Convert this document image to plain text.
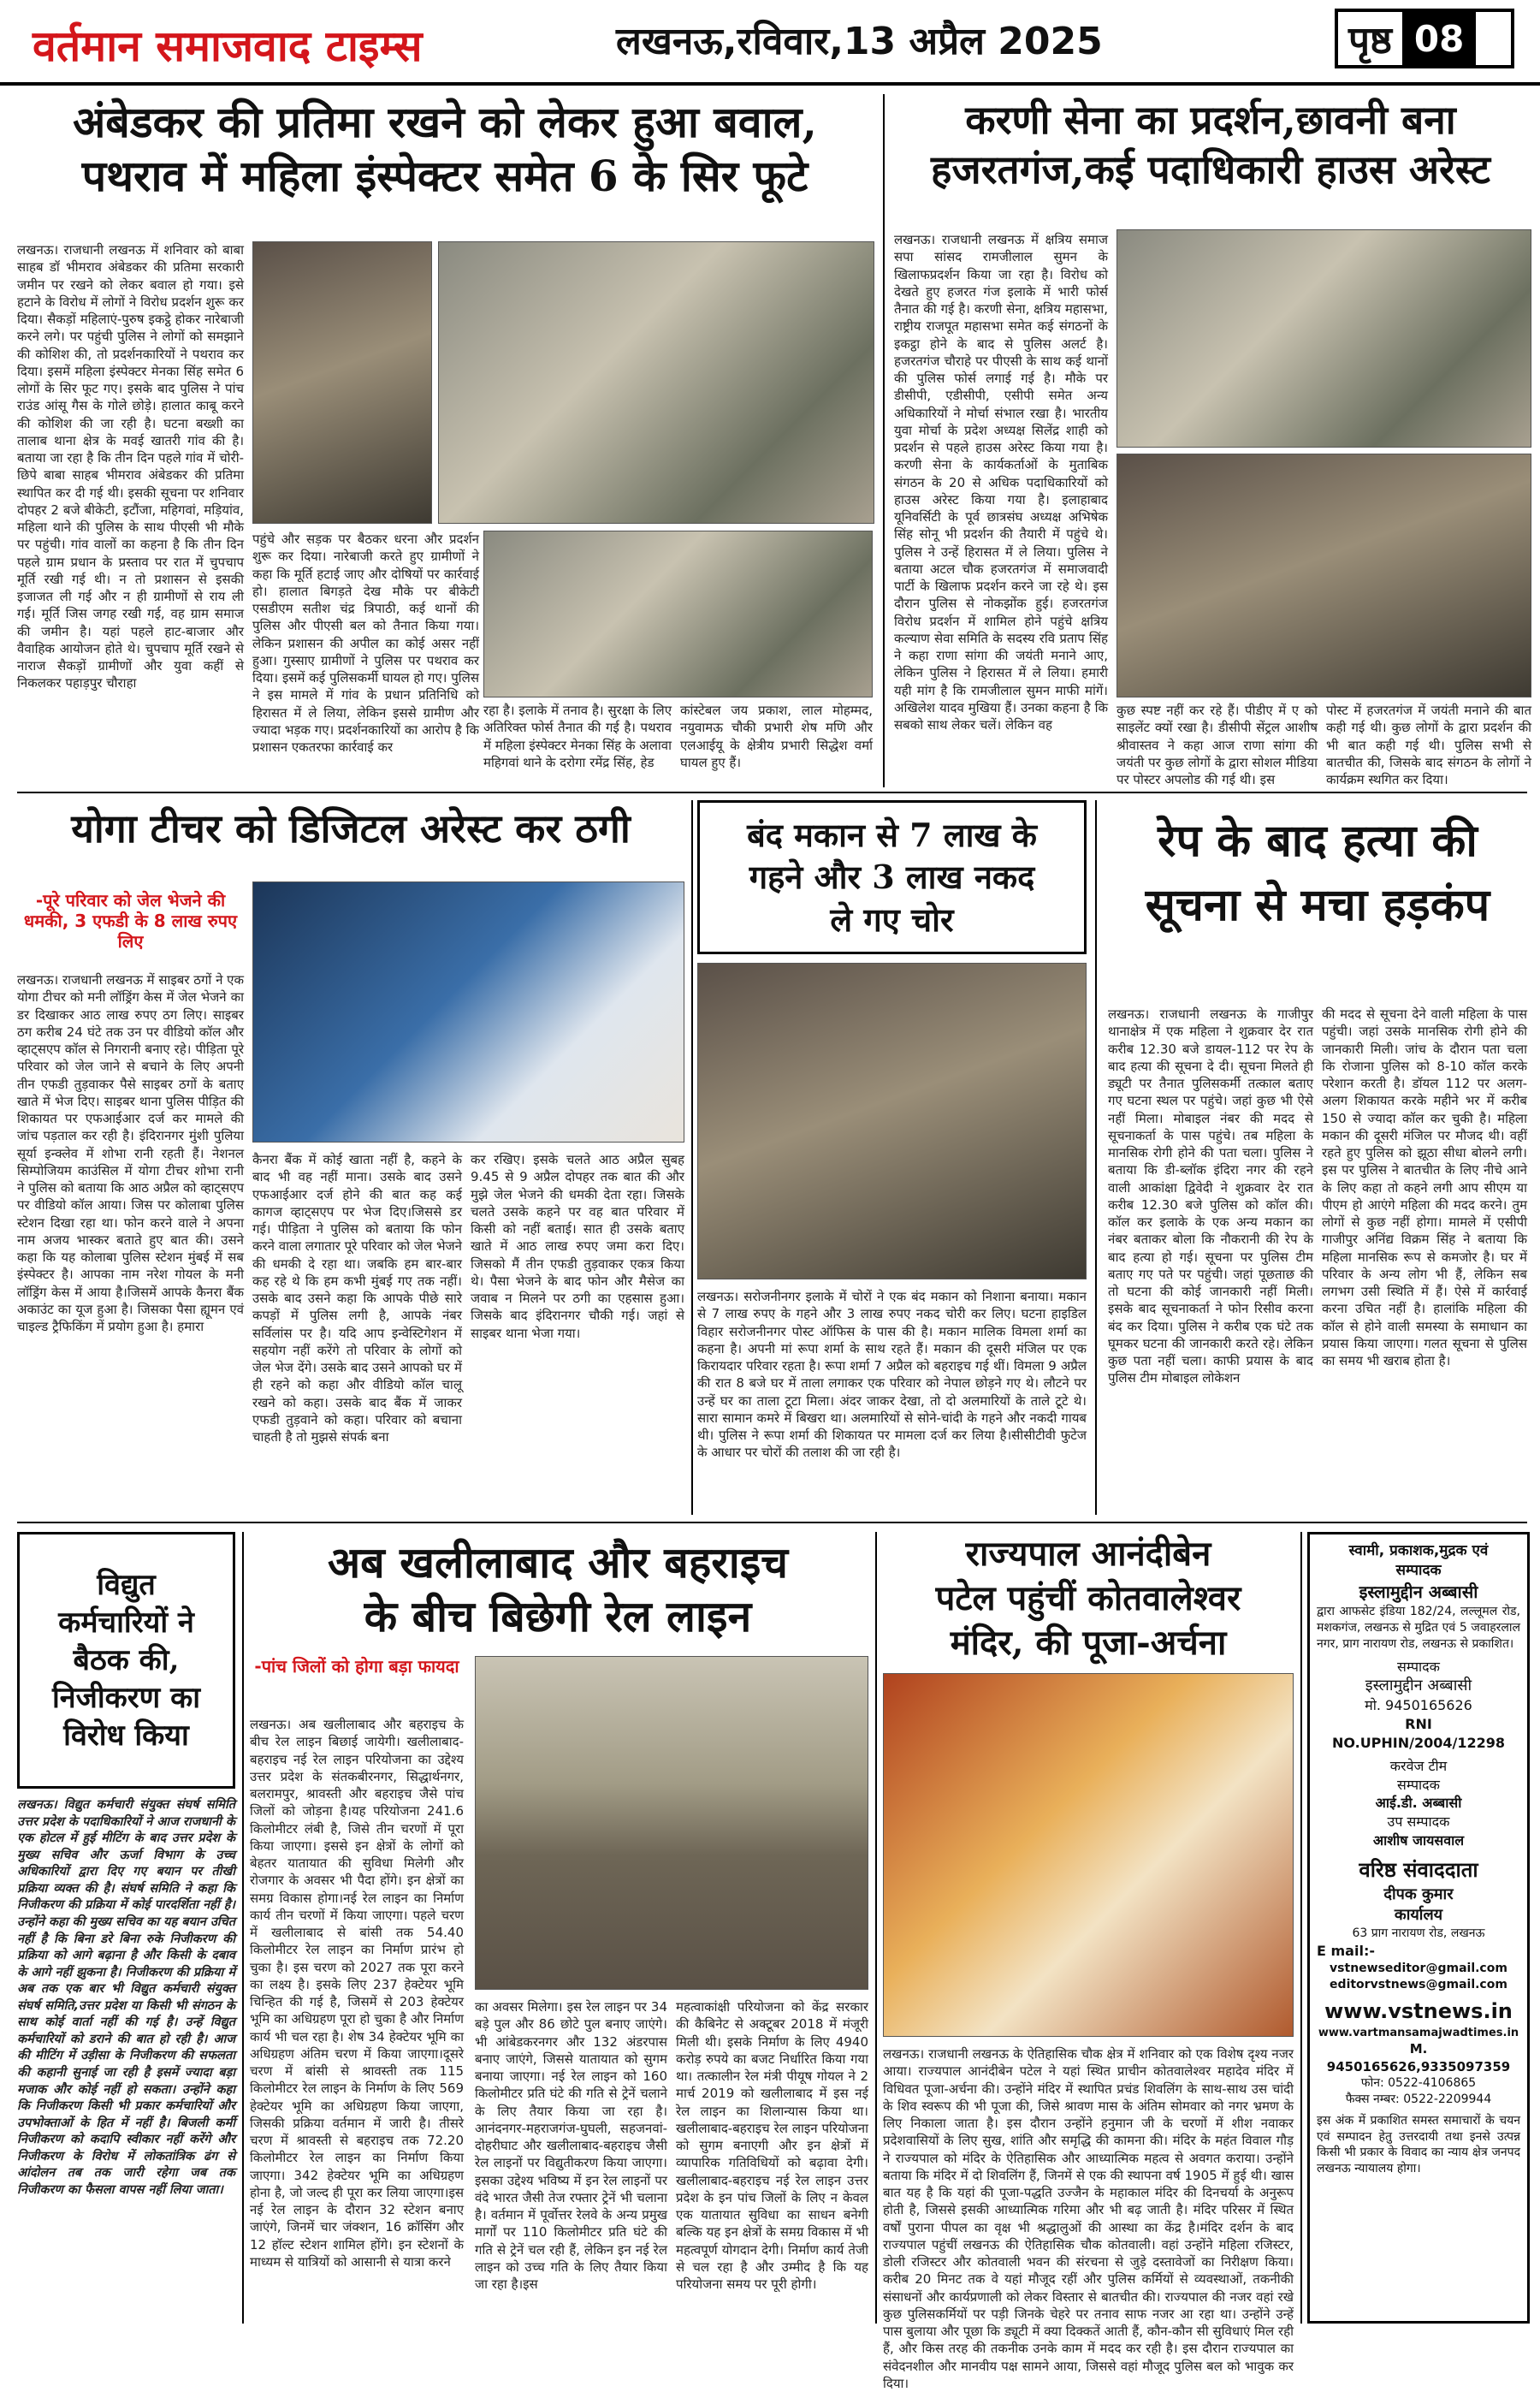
वर्तमान समाजवाद टाइम्स	लखनऊ,रविवार,13 अप्रैल 2025	पृष्ठ 08
अंबेडकर की प्रतिमा रखने को लेकर हुआ बवाल,
पथराव में महिला इंस्पेक्टर समेत 6 के सिर फूटे
लखनऊ। राजधानी लखनऊ में शनिवार को बाबा साहब डॉ भीमराव अंबेडकर की प्रतिमा सरकारी जमीन पर रखने को लेकर बवाल हो गया। इसे हटाने के विरोध में लोगों ने विरोध प्रदर्शन शुरू कर दिया। सैकड़ों महिलाएं-पुरुष इकट्ठे होकर नारेबाजी करने लगे। पर पहुंची पुलिस ने लोगों को समझाने की कोशिश की, तो प्रदर्शनकारियों ने पथराव कर दिया। इसमें महिला इंस्पेक्टर मेनका सिंह समेत 6 लोगों के सिर फूट गए। इसके बाद पुलिस ने पांच राउंड आंसू गैस के गोले छोड़े। हालात काबू करने की कोशिश की जा रही है। घटना बख्शी का तालाब थाना क्षेत्र के मवई खातरी गांव की है। बताया जा रहा है कि तीन दिन पहले गांव में चोरी-छिपे बाबा साहब भीमराव अंबेडकर की प्रतिमा स्थापित कर दी गई थी। इसकी सूचना पर शनिवार दोपहर 2 बजे बीकेटी, इटौंजा, महिगवां, मड़ियांव, महिला थाने की पुलिस के साथ पीएसी भी मौके पर पहुंची। गांव वालों का कहना है कि तीन दिन पहले ग्राम प्रधान के प्रस्ताव पर रात में चुपचाप मूर्ति रखी गई थी। न तो प्रशासन से इसकी इजाजत ली गई और न ही ग्रामीणों से राय ली गई। मूर्ति जिस जगह रखी गई, वह ग्राम समाज की जमीन है। यहां पहले हाट-बाजार और वैवाहिक आयोजन होते थे। चुपचाप मूर्ति रखने से नाराज सैकड़ों ग्रामीणों और युवा कहीं से निकलकर पहाड़पुर चौराहा
पहुंचे और सड़क पर बैठकर धरना और प्रदर्शन शुरू कर दिया। नारेबाजी करते हुए ग्रामीणों ने कहा कि मूर्ति हटाई जाए और दोषियों पर कार्रवाई हो। हालात बिगड़ते देख मौके पर बीकेटी एसडीएम सतीश चंद्र त्रिपाठी, कई थानों की पुलिस और पीएसी बल को तैनात किया गया। लेकिन प्रशासन की अपील का कोई असर नहीं हुआ। गुस्साए ग्रामीणों ने पुलिस पर पथराव कर दिया। इसमें कई पुलिसकर्मी घायल हो गए। पुलिस ने इस मामले में गांव के प्रधान प्रतिनिधि को हिरासत में ले लिया, लेकिन इससे ग्रामीण और ज्यादा भड़क गए। प्रदर्शनकारियों का आरोप है कि प्रशासन एकतरफा कार्रवाई कर
रहा है। इलाके में तनाव है। सुरक्षा के लिए अतिरिक्त फोर्स तैनात की गई है। पथराव में महिला इंस्पेक्टर मेनका सिंह के अलावा महिगवां थाने के दरोगा रमेंद्र सिंह, हेड
कांस्टेबल जय प्रकाश, लाल मोहम्मद, नयुवामऊ चौकी प्रभारी शेष मणि और एलआईयू के क्षेत्रीय प्रभारी सिद्धेश वर्मा घायल हुए हैं।
करणी सेना का प्रदर्शन,छावनी बना
हजरतगंज,कई पदाधिकारी हाउस अरेस्ट
लखनऊ। राजधानी लखनऊ में क्षत्रिय समाज सपा सांसद रामजीलाल सुमन के खिलाफप्रदर्शन किया जा रहा है। विरोध को देखते हुए हजरत गंज इलाके में भारी फोर्स तैनात की गई है। करणी सेना, क्षत्रिय महासभा, राष्ट्रीय राजपूत महासभा समेत कई संगठनों के इकट्ठा होने के बाद से पुलिस अलर्ट है। हजरतगंज चौराहे पर पीएसी के साथ कई थानों की पुलिस फोर्स लगाई गई है। मौके पर डीसीपी, एडीसीपी, एसीपी समेत अन्य अधिकारियों ने मोर्चा संभाल रखा है। भारतीय युवा मोर्चा के प्रदेश अध्यक्ष सिलेंद्र शाही को प्रदर्शन से पहले हाउस अरेस्ट किया गया है। करणी सेना के कार्यकर्ताओं के मुताबिक संगठन के 20 से अधिक पदाधिकारियों को हाउस अरेस्ट किया गया है। इलाहाबाद यूनिवर्सिटी के पूर्व छात्रसंघ अध्यक्ष अभिषेक सिंह सोनू भी प्रदर्शन की तैयारी में पहुंचे थे। पुलिस ने उन्हें हिरासत में ले लिया। पुलिस ने बताया अटल चौक हजरतगंज में समाजवादी पार्टी के खिलाफ प्रदर्शन करने जा रहे थे। इस दौरान पुलिस से नोकझोंक हुई। हजरतगंज विरोध प्रदर्शन में शामिल होने पहुंचे क्षत्रिय कल्याण सेवा समिति के सदस्य रवि प्रताप सिंह ने कहा राणा सांगा की जयंती मनाने आए, लेकिन पुलिस ने हिरासत में ले लिया। हमारी यही मांग है कि रामजीलाल सुमन माफी मांगें। अखिलेश यादव मुखिया हैं। उनका कहना है कि सबको साथ लेकर चलें। लेकिन वह
कुछ स्पष्ट नहीं कर रहे हैं। पीडीए में ए को साइलेंट क्यों रखा है। डीसीपी सेंट्रल आशीष श्रीवास्तव ने कहा आज राणा सांगा की जयंती पर कुछ लोगों के द्वारा सोशल मीडिया पर पोस्टर अपलोड की गई थी। इस
पोस्ट में हजरतगंज में जयंती मनाने की बात कही गई थी। कुछ लोगों के द्वारा प्रदर्शन की भी बात कही गई थी। पुलिस सभी से बातचीत की, जिसके बाद संगठन के लोगों ने कार्यक्रम स्थगित कर दिया।
योगा टीचर को डिजिटल अरेस्ट कर ठगी
-पूरे परिवार को जेल भेजने की धमकी, 3 एफडी के 8 लाख रुपए लिए
लखनऊ। राजधानी लखनऊ में साइबर ठगों ने एक योगा टीचर को मनी लॉड्रिंग केस में जेल भेजने का डर दिखाकर आठ लाख रुपए ठग लिए। साइबर ठग करीब 24 घंटे तक उन पर वीडियो कॉल और व्हाट्सएप कॉल से निगरानी बनाए रहे। पीड़िता पूरे परिवार को जेल जाने से बचाने के लिए अपनी तीन एफडी तुड़वाकर पैसे साइबर ठगों के बताए खाते में भेज दिए। साइबर थाना पुलिस पीड़ित की शिकायत पर एफआईआर दर्ज कर मामले की जांच पड़ताल कर रही है। इंदिरानगर मुंशी पुलिया सूर्या इन्क्लेव में शोभा रानी रहती हैं। नेशनल सिम्पोजियम काउंसिल में योगा टीचर शोभा रानी ने पुलिस को बताया कि आठ अप्रैल को व्हाट्सएप पर वीडियो कॉल आया। जिस पर कोलाबा पुलिस स्टेशन दिखा रहा था। फोन करने वाले ने अपना नाम अजय भास्कर बताते हुए बात की। उसने कहा कि यह कोलाबा पुलिस स्टेशन मुंबई में सब इंस्पेक्टर है। आपका नाम नरेश गोयल के मनी लॉड्रिंग केस में आया है।जिसमें आपके कैनरा बैंक अकाउंट का यूज हुआ है। जिसका पैसा ह्यूमन एवं चाइल्ड ट्रैफिकिंग में प्रयोग हुआ है। हमारा
कैनरा बैंक में कोई खाता नहीं है, कहने के बाद भी वह नहीं माना। उसके बाद उसने एफआईआर दर्ज होने की बात कह कई कागज व्हाट्सएप पर भेज दिए।जिससे डर गई। पीड़िता ने पुलिस को बताया कि फोन करने वाला लगातार पूरे परिवार को जेल भेजने की धमकी दे रहा था। जबकि हम बार-बार कह रहे थे कि हम कभी मुंबई गए तक नहीं। उसके बाद उसने कहा कि आपके पीछे सारे कपड़ों में पुलिस लगी है, आपके नंबर सर्विलांस पर है। यदि आप इन्वेस्टिगेशन में सहयोग नहीं करेंगे तो परिवार के लोगों को जेल भेज देंगे। उसके बाद उसने आपको घर में ही रहने को कहा और वीडियो कॉल चालू रखने को कहा। उसके बाद बैंक में जाकर एफडी तुड़वाने को कहा। परिवार को बचाना चाहती है तो मुझसे संपर्क बना
कर रखिए। इसके चलते आठ अप्रैल सुबह 9.45 से 9 अप्रैल दोपहर तक बात की और मुझे जेल भेजने की धमकी देता रहा। जिसके चलते उसके कहने पर वह बात परिवार में किसी को नहीं बताई। सात ही उसके बताए खाते में आठ लाख रुपए जमा करा दिए। जिसको मैं तीन एफडी तुड़वाकर एकत्र किया थे। पैसा भेजने के बाद फोन और मैसेज का जवाब न मिलने पर ठगी का एहसास हुआ। जिसके बाद इंदिरानगर चौकी गई। जहां से साइबर थाना भेजा गया।
बंद मकान से 7 लाख के
गहने और 3 लाख नकद
ले गए चोर
लखनऊ। सरोजनीनगर इलाके में चोरों ने एक बंद मकान को निशाना बनाया। मकान से 7 लाख रुपए के गहने और 3 लाख रुपए नकद चोरी कर लिए। घटना हाइडिल विहार सरोजनीनगर पोस्ट ऑफिस के पास की है। मकान मालिक विमला शर्मा का कहना है। अपनी मां रूपा शर्मा के साथ रहते हैं। मकान की दूसरी मंजिल पर एक किरायदार परिवार रहता है। रूपा शर्मा 7 अप्रैल को बहराइच गई थीं। विमला 9 अप्रैल की रात 8 बजे घर में ताला लगाकर एक परिवार को नेपाल छोड़ने गए थे। लौटने पर उन्हें घर का ताला टूटा मिला। अंदर जाकर देखा, तो दो अलमारियों के ताले टूटे थे। सारा सामान कमरे में बिखरा था। अलमारियों से सोने-चांदी के गहने और नकदी गायब थी। पुलिस ने रूपा शर्मा की शिकायत पर मामला दर्ज कर लिया है।सीसीटीवी फुटेज के आधार पर चोरों की तलाश की जा रही है।
रेप के बाद हत्या की
सूचना से मचा हड़कंप
लखनऊ। राजधानी लखनऊ के गाजीपुर थानाक्षेत्र में एक महिला ने शुक्रवार देर रात करीब 12.30 बजे डायल-112 पर रेप के बाद हत्या की सूचना दे दी। सूचना मिलते ही ड्यूटी पर तैनात पुलिसकर्मी तत्काल बताए गए घटना स्थल पर पहुंचे। जहां कुछ भी ऐसे नहीं मिला। मोबाइल नंबर की मदद से सूचनाकर्ता के पास पहुंचे। तब महिला के मानसिक रोगी होने की पता चला। पुलिस ने बताया कि डी-ब्लॉक इंदिरा नगर की रहने वाली आकांक्षा द्विवेदी ने शुक्रवार देर रात करीब 12.30 बजे पुलिस को कॉल की। कॉल कर इलाके के एक अन्य मकान का नंबर बताकर बोला कि नौकरानी की रेप के बाद हत्या हो गई। सूचना पर पुलिस टीम बताए गए पते पर पहुंची। जहां पूछताछ की तो घटना की कोई जानकारी नहीं मिली। इसके बाद सूचनाकर्ता ने फोन रिसीव करना बंद कर दिया। पुलिस ने करीब एक घंटे तक घूमकर घटना की जानकारी करते रहे। लेकिन कुछ पता नहीं चला। काफी प्रयास के बाद पुलिस टीम मोबाइल लोकेशन
की मदद से सूचना देने वाली महिला के पास पहुंची। जहां उसके मानसिक रोगी होने की जानकारी मिली। जांच के दौरान पता चला कि रोजाना पुलिस को 8-10 कॉल करके परेशान करती है। डॉयल 112 पर अलग-अलग शिकायत करके महीने भर में करीब 150 से ज्यादा कॉल कर चुकी है। महिला मकान की दूसरी मंजिल पर मौजद थी। वहीं रहते हुए पुलिस को झूठा सीधा बोलने लगी। इस पर पुलिस ने बातचीत के लिए नीचे आने के लिए कहा तो कहने लगी आप सीएम या पीएम हो आएंगे महिला की मदद करने। तुम लोगों से कुछ नहीं होगा। मामले में एसीपी गाजीपुर अनिंद्य विक्रम सिंह ने बताया कि महिला मानसिक रूप से कमजोर है। घर में परिवार के अन्य लोग भी हैं, लेकिन सब लगभग उसी स्थिति में हैं। ऐसे में कार्रवाई करना उचित नहीं है। हालांकि महिला की कॉल से होने वाली समस्या के समाधान का प्रयास किया जाएगा। गलत सूचना से पुलिस का समय भी खराब होता है।
विद्युत
कर्मचारियों ने
बैठक की,
निजीकरण का
विरोध किया
लखनऊ। विद्युत कर्मचारी संयुक्त संघर्ष समिति उत्तर प्रदेश के पदाधिकारियों ने आज राजधानी के एक होटल में हुई मीटिंग के बाद उत्तर प्रदेश के मुख्य सचिव और ऊर्जा विभाग के उच्च अधिकारियों द्वारा दिए गए बयान पर तीखी प्रक्रिया व्यक्त की है। संघर्ष समिति ने कहा कि निजीकरण की प्रक्रिया में कोई पारदर्शिता नहीं है। उन्होंने कहा की मुख्य सचिव का यह बयान उचित नहीं है कि बिना डरे बिना रुके निजीकरण की प्रक्रिया को आगे बढ़ाना है और किसी के दबाव के आगे नहीं झुकना है। निजीकरण की प्रक्रिया में अब तक एक बार भी विद्युत कर्मचारी संयुक्त संघर्ष समिति,उत्तर प्रदेश या किसी भी संगठन के साथ कोई वार्ता नहीं की गई है। उन्हें विद्युत कर्मचारियों को डराने की बात हो रही है। आज की मीटिंग में उड़ीसा के निजीकरण की सफलता की कहानी सुनाई जा रही है इसमें ज्यादा बड़ा मजाक और कोई नहीं हो सकता। उन्होंने कहा कि निजीकरण किसी भी प्रकार कर्मचारियों और उपभोक्ताओं के हित में नहीं है। बिजली कर्मी निजीकरण को कदापि स्वीकार नहीं करेंगे और निजीकरण के विरोध में लोकतांत्रिक ढंग से आंदोलन तब तक जारी रहेगा जब तक निजीकरण का फैसला वापस नहीं लिया जाता।
अब खलीलाबाद और बहराइच
के बीच बिछेगी रेल लाइन
-पांच जिलों को होगा बड़ा फायदा
लखनऊ। अब खलीलाबाद और बहराइच के बीच रेल लाइन बिछाई जायेगी। खलीलाबाद-बहराइच नई रेल लाइन परियोजना का उद्देश्य उत्तर प्रदेश के संतकबीरनगर, सिद्धार्थनगर, बलरामपुर, श्रावस्ती और बहराइच जैसे पांच जिलों को जोड़ना है।यह परियोजना 241.6 किलोमीटर लंबी है, जिसे तीन चरणों में पूरा किया जाएगा। इससे इन क्षेत्रों के लोगों को बेहतर यातायात की सुविधा मिलेगी और रोजगार के अवसर भी पैदा होंगे। इन क्षेत्रों का समग्र विकास होगा।नई रेल लाइन का निर्माण कार्य तीन चरणों में किया जाएगा। पहले चरण में खलीलाबाद से बांसी तक 54.40 किलोमीटर रेल लाइन का निर्माण प्रारंभ हो चुका है। इस चरण को 2027 तक पूरा करने का लक्ष्य है। इसके लिए 237 हेक्टेयर भूमि चिन्हित की गई है, जिसमें से 203 हेक्टेयर भूमि का अधिग्रहण पूरा हो चुका है और निर्माण कार्य भी चल रहा है। शेष 34 हेक्टेयर भूमि का अधिग्रहण अंतिम चरण में किया जाएगा।दूसरे चरण में बांसी से श्रावस्ती तक 115 किलोमीटर रेल लाइन के निर्माण के लिए 569 हेक्टेयर भूमि का अधिग्रहण किया जाएगा, जिसकी प्रक्रिया वर्तमान में जारी है। तीसरे चरण में श्रावस्ती से बहराइच तक 72.20 किलोमीटर रेल लाइन का निर्माण किया जाएगा। 342 हेक्टेयर भूमि का अधिग्रहण होना है, जो जल्द ही पूरा कर लिया जाएगा।इस नई रेल लाइन के दौरान 32 स्टेशन बनाए जाएंगे, जिनमें चार जंक्शन, 16 क्रॉसिंग और 12 हॉल्ट स्टेशन शामिल होंगे। इन स्टेशनों के माध्यम से यात्रियों को आसानी से यात्रा करने
का अवसर मिलेगा। इस रेल लाइन पर 34 बड़े पुल और 86 छोटे पुल बनाए जाएंगे। भी आंबेडकरनगर और 132 अंडरपास बनाए जाएंगे, जिससे यातायात को सुगम बनाया जाएगा। नई रेल लाइन को 160 किलोमीटर प्रति घंटे की गति से ट्रेनें चलाने के लिए तैयार किया जा रहा है। आनंदनगर-महराजगंज-घुघली, सहजनवां-दोहरीघाट और खलीलाबाद-बहराइच जैसी रेल लाइनों पर विद्युतीकरण किया जाएगा। इसका उद्देश्य भविष्य में इन रेल लाइनों पर वंदे भारत जैसी तेज रफ्तार ट्रेनें भी चलाना है। वर्तमान में पूर्वोत्तर रेलवे के अन्य प्रमुख मार्गों पर 110 किलोमीटर प्रति घंटे की गति से ट्रेनें चल रही हैं, लेकिन इन नई रेल लाइन को उच्च गति के लिए तैयार किया जा रहा है।इस
महत्वाकांक्षी परियोजना को केंद्र सरकार की कैबिनेट से अक्टूबर 2018 में मंजूरी मिली थी। इसके निर्माण के लिए 4940 करोड़ रुपये का बजट निर्धारित किया गया था। तत्कालीन रेल मंत्री पीयूष गोयल ने 2 मार्च 2019 को खलीलाबाद में इस नई रेल लाइन का शिलान्यास किया था।खलीलाबाद-बहराइच रेल लाइन परियोजना को सुगम बनाएगी और इन क्षेत्रों में व्यापारिक गतिविधियों को बढ़ावा देगी। खलीलाबाद-बहराइच नई रेल लाइन उत्तर प्रदेश के इन पांच जिलों के लिए न केवल एक यातायात सुविधा का साधन बनेगी बल्कि यह इन क्षेत्रों के समग्र विकास में भी महत्वपूर्ण योगदान देगी। निर्माण कार्य तेजी से चल रहा है और उम्मीद है कि यह परियोजना समय पर पूरी होगी।
राज्यपाल आनंदीबेन
पटेल पहुंचीं कोतवालेश्वर
मंदिर, की पूजा-अर्चना
लखनऊ। राजधानी लखनऊ के ऐतिहासिक चौक क्षेत्र में शनिवार को एक विशेष दृश्य नजर आया। राज्यपाल आनंदीबेन पटेल ने यहां स्थित प्राचीन कोतवालेश्वर महादेव मंदिर में विधिवत पूजा-अर्चना की। उन्होंने मंदिर में स्थापित प्रचंड शिवलिंग के साथ-साथ उस चांदी के शिव स्वरूप की भी पूजा की, जिसे श्रावण मास के अंतिम सोमवार को नगर भ्रमण के लिए निकाला जाता है। इस दौरान उन्होंने हनुमान जी के चरणों में शीश नवाकर प्रदेशवासियों के लिए सुख, शांति और समृद्धि की कामना की। मंदिर के महंत विवाल गौड़ ने राज्यपाल को मंदिर के ऐतिहासिक और आध्यात्मिक महत्व से अवगत कराया। उन्होंने बताया कि मंदिर में दो शिवलिंग हैं, जिनमें से एक की स्थापना वर्ष 1905 में हुई थी। खास बात यह है कि यहां की पूजा-पद्धति उज्जैन के महाकाल मंदिर की दिनचर्या के अनुरूप होती है, जिससे इसकी आध्यात्मिक गरिमा और भी बढ़ जाती है। मंदिर परिसर में स्थित वर्षों पुराना पीपल का वृक्ष भी श्रद्धालुओं की आस्था का केंद्र है।मंदिर दर्शन के बाद राज्यपाल पहुंचीं लखनऊ की ऐतिहासिक चौक कोतवाली। वहां उन्होंने महिला रजिस्टर, डोली रजिस्टर और कोतवाली भवन की संरचना से जुड़े दस्तावेजों का निरीक्षण किया। करीब 20 मिनट तक वे यहां मौजूद रहीं और पुलिस कर्मियों से व्यवस्थाओं, तकनीकी संसाधनों और कार्यप्रणाली को लेकर विस्तार से बातचीत की। राज्यपाल की नजर वहां रखे कुछ पुलिसकर्मियों पर पड़ी जिनके चेहरे पर तनाव साफ नजर आ रहा था। उन्होंने उन्हें पास बुलाया और पूछा कि ड्यूटी में क्या दिक्कतें आती हैं, कौन-कौन सी सुविधाएं मिल रही हैं, और किस तरह की तकनीक उनके काम में मदद कर रही है। इस दौरान राज्यपाल का संवेदनशील और मानवीय पक्ष सामने आया, जिससे वहां मौजूद पुलिस बल को भावुक कर दिया।
स्वामी, प्रकाशक,मुद्रक एवं
सम्पादक
इस्लामुद्दीन अब्बासी
द्वारा आफसेट इंडिया 182/24, लल्लूमल रोड, मशकगंज, लखनऊ से मुद्रित एवं 5 जवाहरलाल नगर, प्राग नारायण रोड, लखनऊ से प्रकाशित।
सम्पादक
इस्लामुद्दीन अब्बासी
मो. 9450165626
RNI
NO.UPHIN/2004/12298
करवेज टीम
सम्पादक
आई.डी. अब्बासी
उप सम्पादक
आशीष जायसवाल
वरिष्ठ संवाददाता
दीपक कुमार
कार्यालय
63 प्राग नारायण रोड, लखनऊ
E mail:-
vstnewseditor@gmail.com
editorvstnews@gmail.com
www.vstnews.in
www.vartmansamajwadtimes.in
M. 9450165626,9335097359
फोन: 0522-4106865
फैक्स नम्बर: 0522-2209944
इस अंक में प्रकाशित समस्त समाचारों के चयन एवं सम्पादन हेतु उत्तरदायी तथा इनसे उत्पन्न किसी भी प्रकार के विवाद का न्याय क्षेत्र जनपद लखनऊ न्यायालय होगा।
